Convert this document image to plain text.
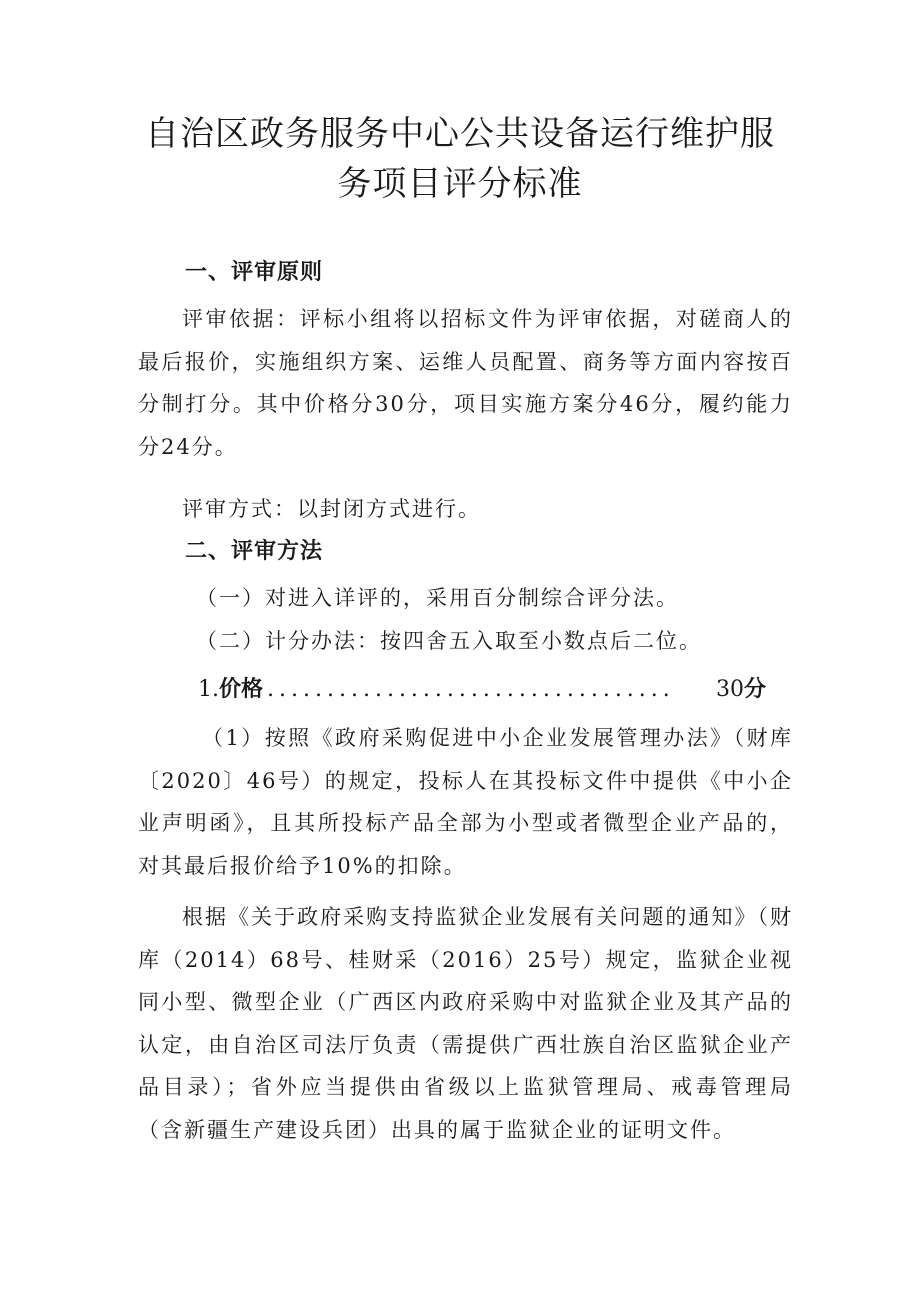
自治区政务服务中心公共设备运行维护服
务项目评分标准
一、评审原则

评审依据：评标小组将以招标文件为评审依据，对磋商人的最后报价，实施组织方案、运维人员配置、商务等方面内容按百分制打分。其中价格分30分，项目实施方案分46分，履约能力分24分。

评审方式：以封闭方式进行。
二、评审方法
（一）对进入详评的，采用百分制综合评分法。
（二）计分办法：按四舍五入取至小数点后二位。
1. 价格 ..................................	30 分

（1）按照《政府采购促进中小企业发展管理办法》（财库〔2020〕46号）的规定，投标人在其投标文件中提供《中小企业声明函》，且其所投标产品全部为小型或者微型企业产品的，对其最后报价给予10%的扣除。

根据《关于政府采购支持监狱企业发展有关问题的通知》（财库（2014）68号、桂财采（2016）25号）规定，监狱企业视同小型、微型企业（广西区内政府采购中对监狱企业及其产品的认定，由自治区司法厅负责（需提供广西壮族自治区监狱企业产品目录）；省外应当提供由省级以上监狱管理局、戒毒管理局（含新疆生产建设兵团）出具的属于监狱企业的证明文件。
